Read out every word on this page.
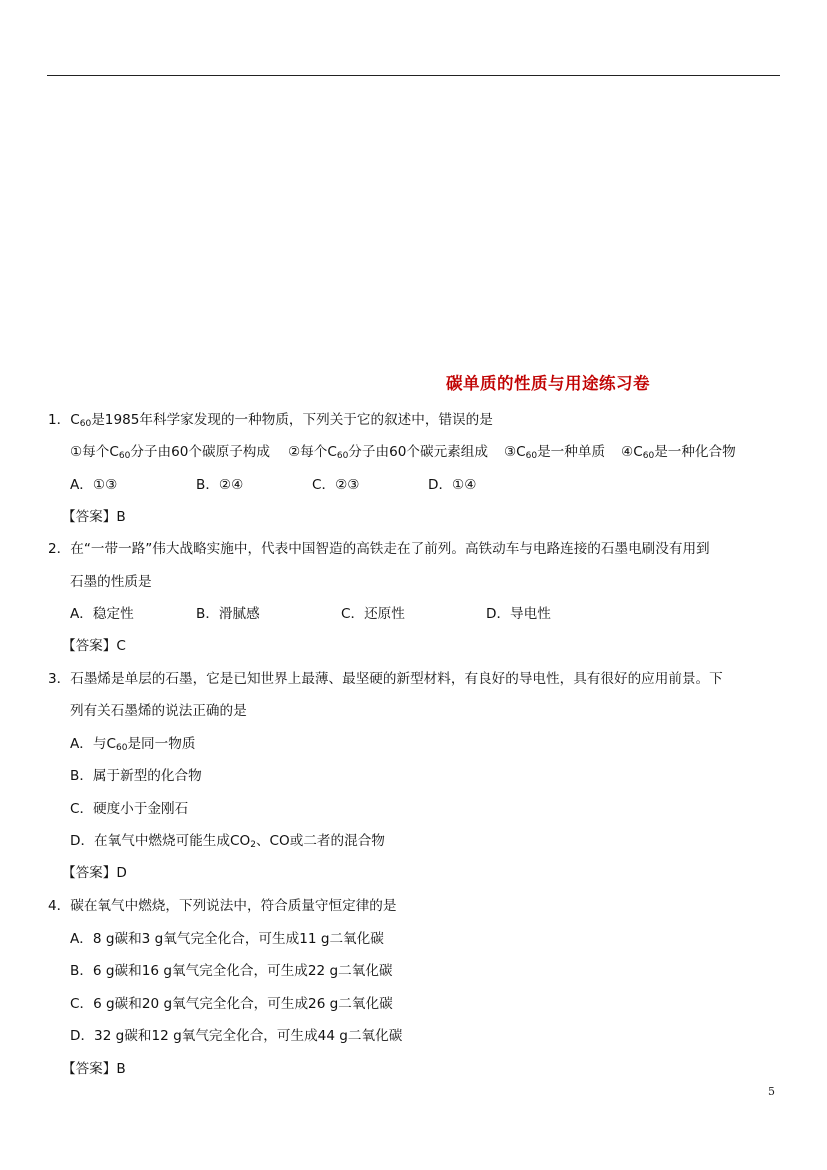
碳单质的性质与用途练习卷
1．$C_{60}$是1985年科学家发现的一种物质，下列关于它的叙述中，错误的是
①每个$C_{60}$分子由60个碳原子构成 ②每个$C_{60}$分子由60个碳元素组成 $③C_{60}$是一种单质 $④C_{60}$是一种化合物
A．①③	B．②④	C．②③	D．①④
【答案】B
2．在“一带一路”伟大战略实施中，代表中国智造的高铁走在了前列。高铁动车与电路连接的石墨电刷没有用到
石墨的性质是
A．稳定性	B．滑腻感	C．还原性	D．导电性
【答案】C
3．石墨烯是单层的石墨，它是已知世界上最薄、最坚硬的新型材料，有良好的导电性，具有很好的应用前景。下
列有关石墨烯的说法正确的是
A．与$C_{60}$是同一物质
B．属于新型的化合物
C．硬度小于金刚石
D．在氧气中燃烧可能生成$CO_2$、CO或二者的混合物
【答案】D
4．碳在氧气中燃烧，下列说法中，符合质量守恒定律的是
A．8 g碳和3 g氧气完全化合，可生成11 g二氧化碳
B．6 g碳和16 g氧气完全化合，可生成22 g二氧化碳
C．6 g碳和20 g氧气完全化合，可生成26 g二氧化碳
D．32 g碳和12 g氧气完全化合，可生成44 g二氧化碳
【答案】B
5
